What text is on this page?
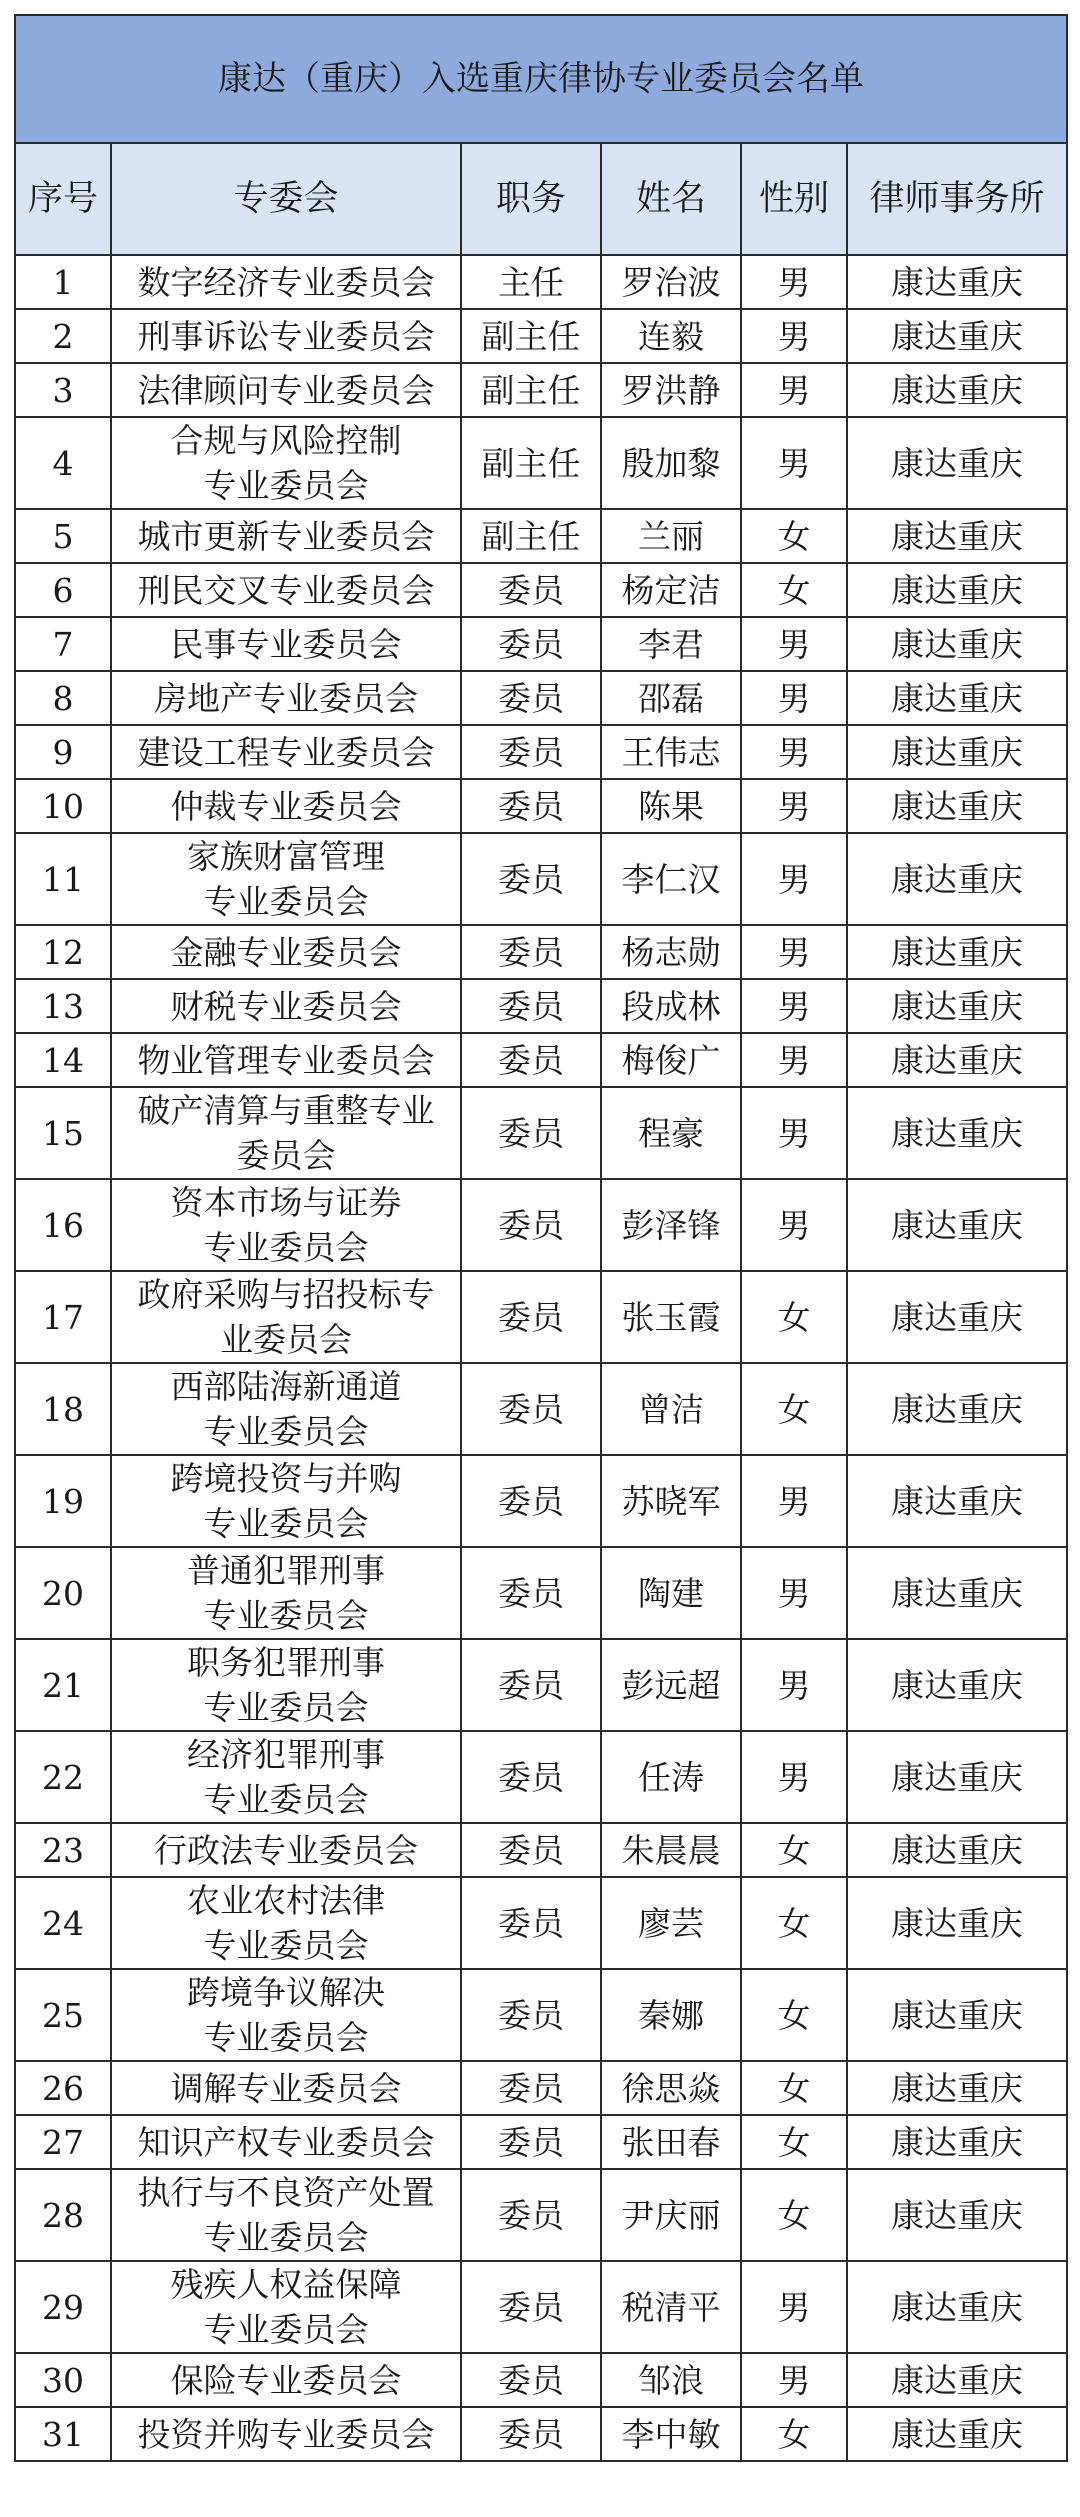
康达（重庆）入选重庆律协专业委员会名单					
序号	专委会	职务	姓名	性别	律师事务所
1	数字经济专业委员会	主任	罗治波	男	康达重庆
2	刑事诉讼专业委员会	副主任	连毅	男	康达重庆
3	法律顾问专业委员会	副主任	罗洪静	男	康达重庆
4	合规与风险控制
专业委员会	副主任	殷加黎	男	康达重庆
5	城市更新专业委员会	副主任	兰丽	女	康达重庆
6	刑民交叉专业委员会	委员	杨定洁	女	康达重庆
7	民事专业委员会	委员	李君	男	康达重庆
8	房地产专业委员会	委员	邵磊	男	康达重庆
9	建设工程专业委员会	委员	王伟志	男	康达重庆
10	仲裁专业委员会	委员	陈果	男	康达重庆
11	家族财富管理
专业委员会	委员	李仁汉	男	康达重庆
12	金融专业委员会	委员	杨志勋	男	康达重庆
13	财税专业委员会	委员	段成林	男	康达重庆
14	物业管理专业委员会	委员	梅俊广	男	康达重庆
15	破产清算与重整专业
委员会	委员	程豪	男	康达重庆
16	资本市场与证券
专业委员会	委员	彭泽锋	男	康达重庆
17	政府采购与招投标专
业委员会	委员	张玉霞	女	康达重庆
18	西部陆海新通道
专业委员会	委员	曾洁	女	康达重庆
19	跨境投资与并购
专业委员会	委员	苏晓军	男	康达重庆
20	普通犯罪刑事
专业委员会	委员	陶建	男	康达重庆
21	职务犯罪刑事
专业委员会	委员	彭远超	男	康达重庆
22	经济犯罪刑事
专业委员会	委员	任涛	男	康达重庆
23	行政法专业委员会	委员	朱晨晨	女	康达重庆
24	农业农村法律
专业委员会	委员	廖芸	女	康达重庆
25	跨境争议解决
专业委员会	委员	秦娜	女	康达重庆
26	调解专业委员会	委员	徐思焱	女	康达重庆
27	知识产权专业委员会	委员	张田春	女	康达重庆
28	执行与不良资产处置
专业委员会	委员	尹庆丽	女	康达重庆
29	残疾人权益保障
专业委员会	委员	税清平	男	康达重庆
30	保险专业委员会	委员	邹浪	男	康达重庆
31	投资并购专业委员会	委员	李中敏	女	康达重庆
